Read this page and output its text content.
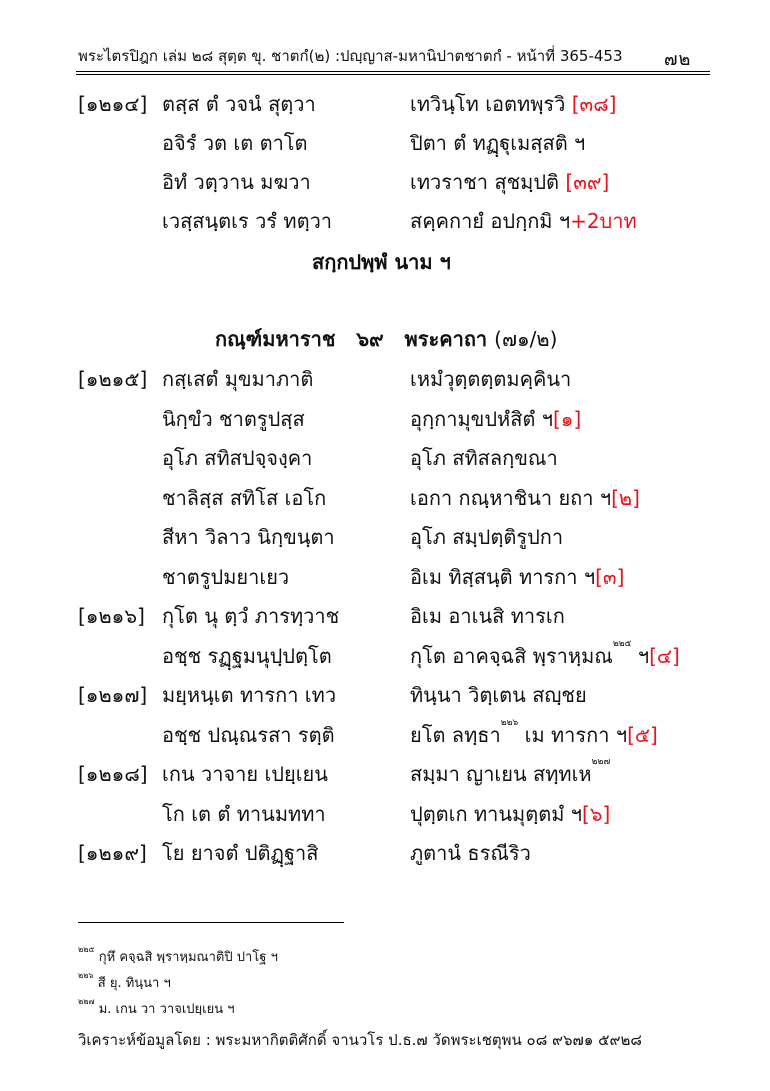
พระไตรปิฎก เล่ม ๒๘ สุตฺต ขุ. ชาตกํ(๒) :ปญฺญาส-มหานิปาตชาตกํ - หน้าที่ 365-453 ๗๒
[๑๒๑๔] ตสฺส ตํ วจนํ สุตฺวา	เทวินฺโท เอตทพฺรวิ [๓๘]
อจิรํ วต เต ตาโต	ปิตา ตํ ทฏฺฐุเมสฺสติ ฯ
อิทํ วตฺวาน มฆวา	เทวราชา สุชมฺปติ [๓๙]
เวสฺสนฺตเร วรํ ทตฺวา	สคฺคกายํ อปกฺกมิ ฯ+2บาท
สกฺกปพฺพํ นาม ฯ
กณฺฑ์มหาราช ๖๙ พระคาถา (๗๑/๒)
[๑๒๑๕] กสฺเสตํ มุขมาภาติ	เหมํวุตฺตตฺตมคฺคินา
นิกฺขํว ชาตรูปสฺส	อุกฺกามุขปหํสิตํ ฯ[๑]
อุโภ สทิสปจฺจงฺคา	อุโภ สทิสลกฺขณา
ชาลิสฺส สทิโส เอโก	เอกา กณฺหาชินา ยถา ฯ[๒]
สีหา วิลาว นิกฺขนฺตา	อุโภ สมฺปตฺติรูปกา
ชาตรูปมยาเยว	อิเม ทิสฺสนฺติ ทารกา ฯ[๓]
[๑๒๑๖] กุโต นุ ตฺวํ ภารทฺวาช	อิเม อาเนสิ ทารเก
อชฺช รฏฺฐมนุปฺปตฺโต	กุโต อาคจฺฉสิ พฺราหฺมณ$^{๒๒๕}$ ฯ[๔]
[๑๒๑๗] มยฺหนฺเต ทารกา เทว	ทินฺนา วิตฺเตน สญฺชย
อชฺช ปณฺณรสา รตฺติ	ยโต ลทฺธา$^{๒๒๖}$ เม ทารกา ฯ[๕]
[๑๒๑๘] เกน วาจาย เปยฺเยน	สมฺมา ญาเยน สทฺทเห$^{๒๒๗}$
โก เต ตํ ทานมททา	ปุตฺตเก ทานมุตฺตมํ ฯ[๖]
[๑๒๑๙] โย ยาจตํ ปติฏฺฐาสิ	ภูตานํ ธรณีริว
$^{๒๒๕}$ กุหึ คจฺฉสิ พฺราหฺมณาติปิ ปาโฐ ฯ
$^{๒๒๖}$ สี ยุ. ทินฺนา ฯ
$^{๒๒๗}$ ม. เกน วา วาจเปยฺเยน ฯ
วิเคราะห์ข้อมูลโดย : พระมหากิตติศักดิ์ จานวโร ป.ธ.๗ วัดพระเชตุพน ๐๘ ๙๖๗๑ ๕๙๒๘
